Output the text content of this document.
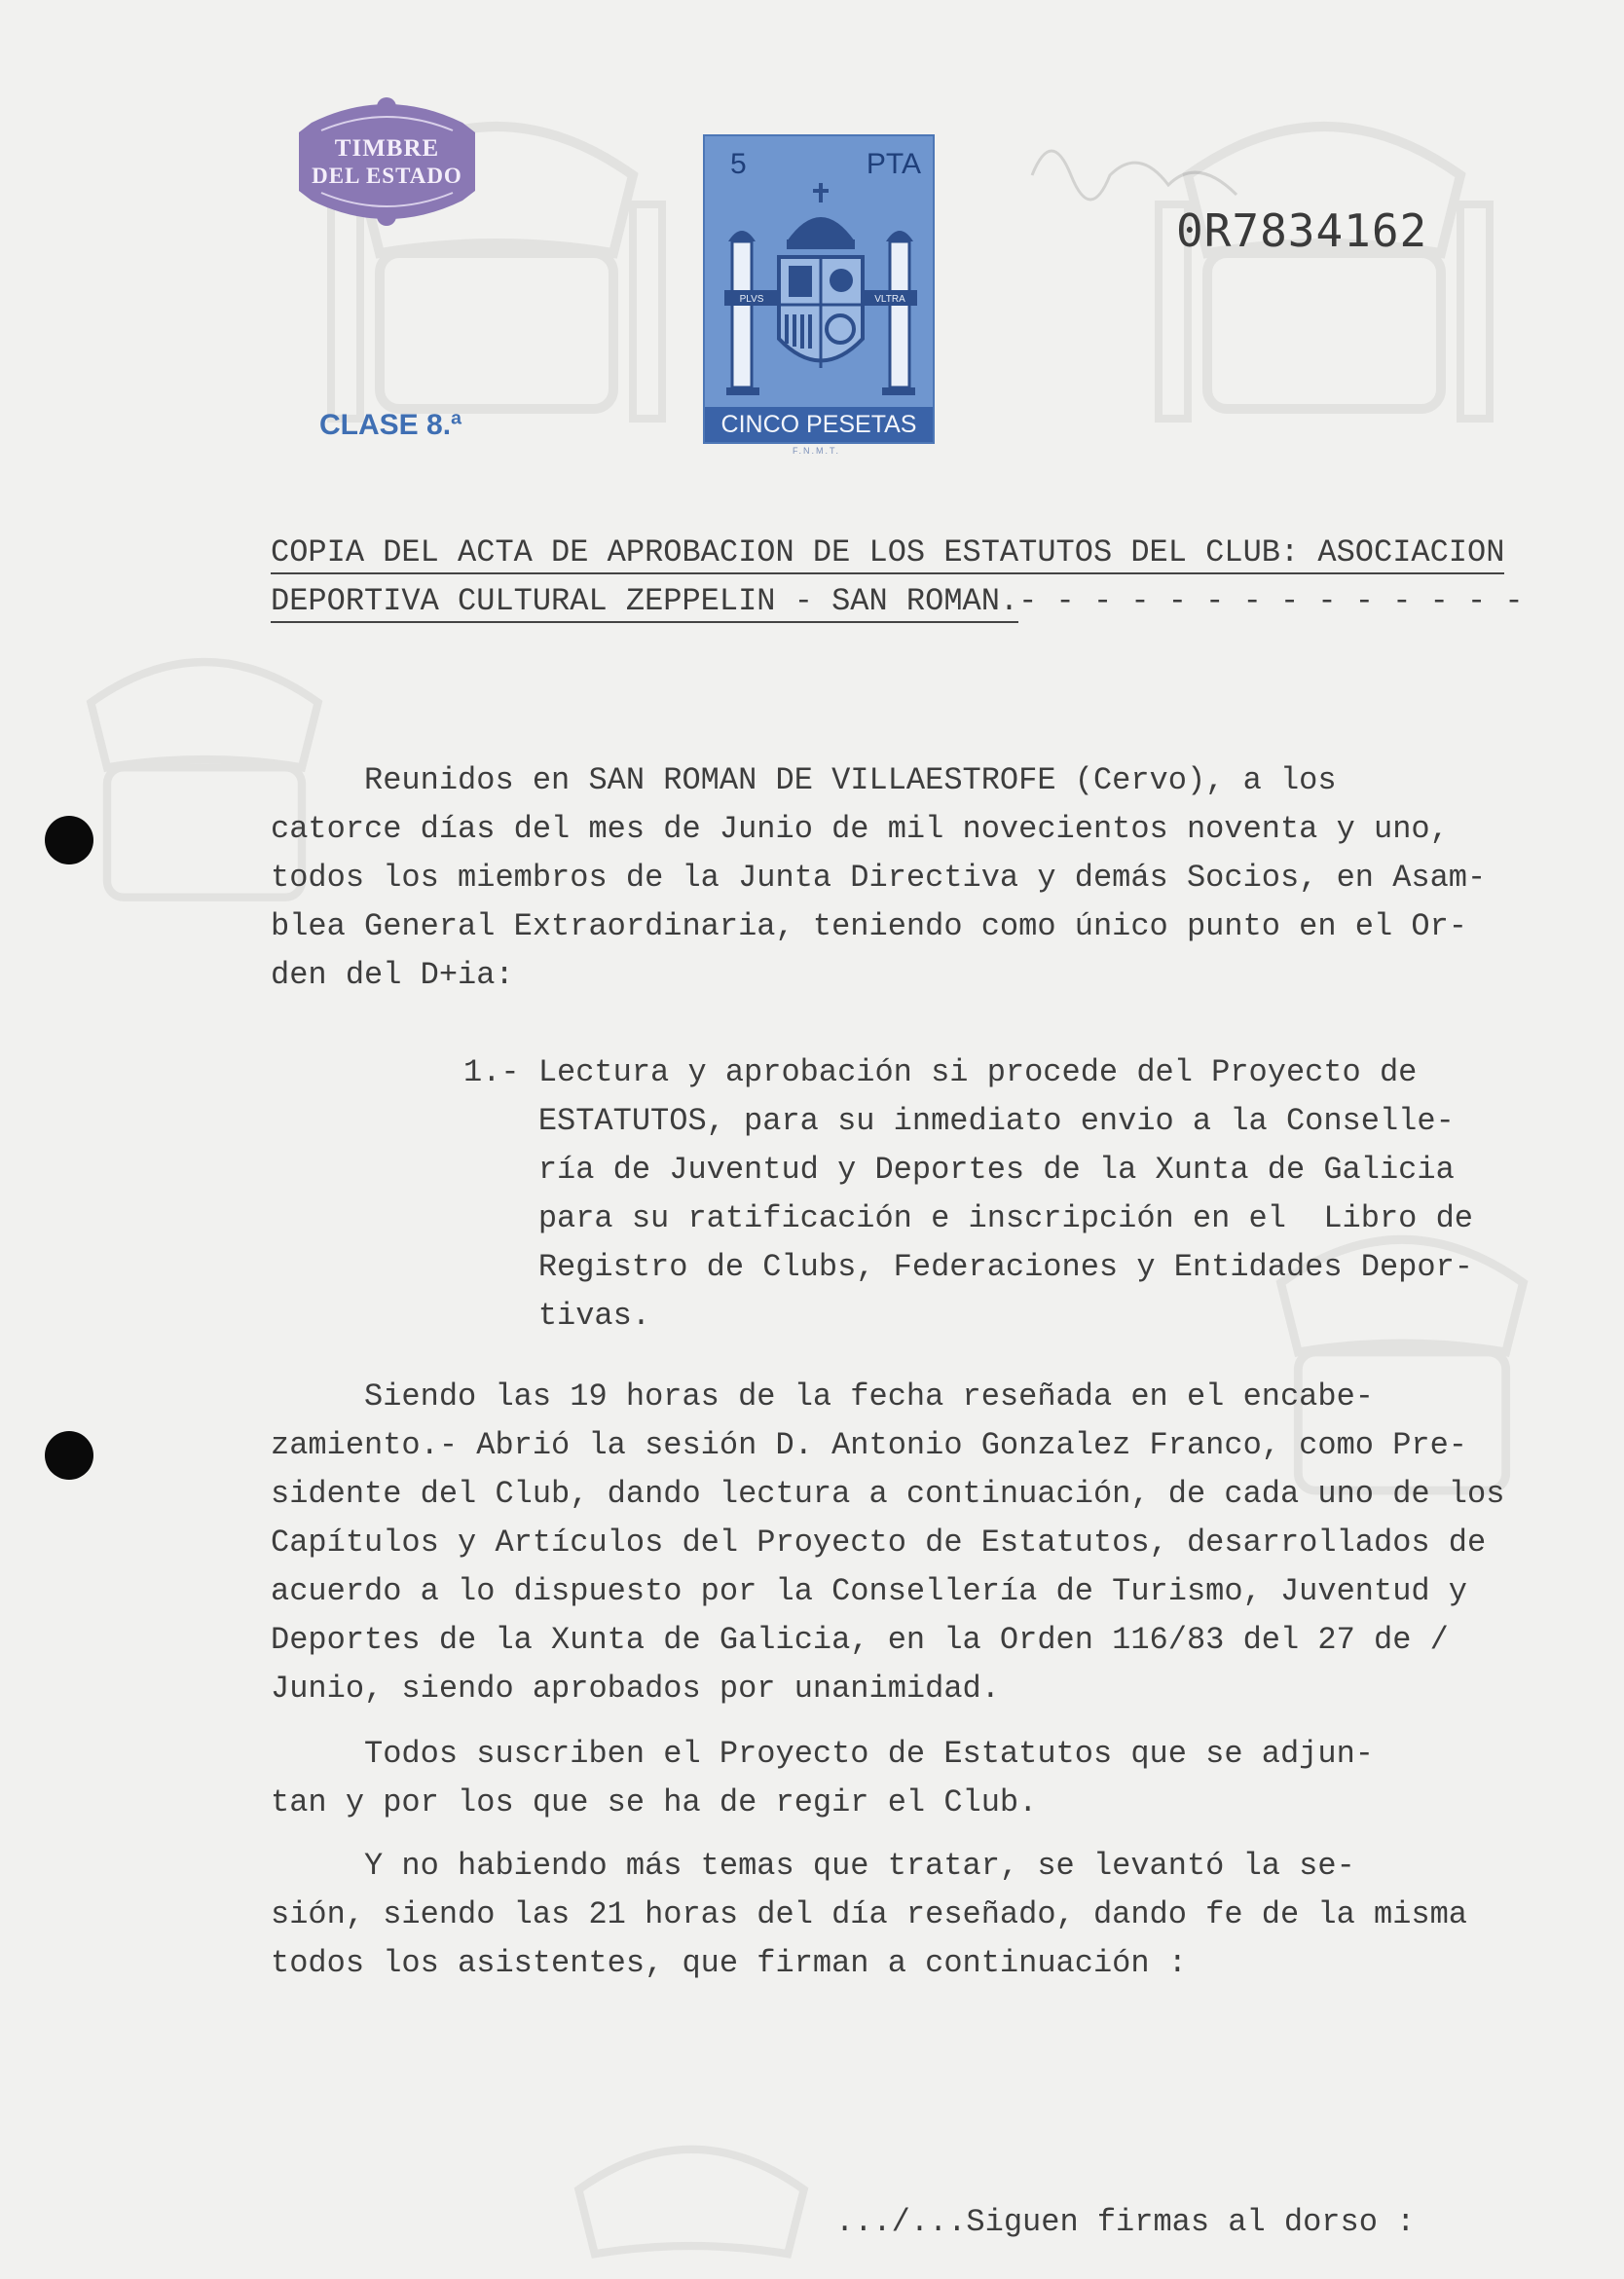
TIMBRE
DEL ESTADO
CLASE 8.ª
5	PTA
PLVS	VLTRA
CINCO PESETAS
F.N.M.T.
0R7834162
COPIA DEL ACTA DE APROBACION DE LOS ESTATUTOS DEL CLUB: ASOCIACION
DEPORTIVA CULTURAL ZEPPELIN - SAN ROMAN.- - - - - - - - - - - - - -

Reunidos en SAN ROMAN DE VILLAESTROFE (Cervo), a los
catorce días del mes de Junio de mil novecientos noventa y uno,
todos los miembros de la Junta Directiva y demás Socios, en Asam-
blea General Extraordinaria, teniendo como único punto en el Or-
den del D+ia:

1.- Lectura y aprobación si procede del Proyecto de
ESTATUTOS, para su inmediato envio a la Conselle-
ría de Juventud y Deportes de la Xunta de Galicia
para su ratificación e inscripción en el  Libro de
Registro de Clubs, Federaciones y Entidades Depor-
tivas.

Siendo las 19 horas de la fecha reseñada en el encabe-
zamiento.- Abrió la sesión D. Antonio Gonzalez Franco, como Pre-
sidente del Club, dando lectura a continuación, de cada uno de los
Capítulos y Artículos del Proyecto de Estatutos, desarrollados de
acuerdo a lo dispuesto por la Consellería de Turismo, Juventud y
Deportes de la Xunta de Galicia, en la Orden 116/83 del 27 de /
Junio, siendo aprobados por unanimidad.

Todos suscriben el Proyecto de Estatutos que se adjun-
tan y por los que se ha de regir el Club.

Y no habiendo más temas que tratar, se levantó la se-
sión, siendo las 21 horas del día reseñado, dando fe de la misma
todos los asistentes, que firman a continuación :
.../...Siguen firmas al dorso :
